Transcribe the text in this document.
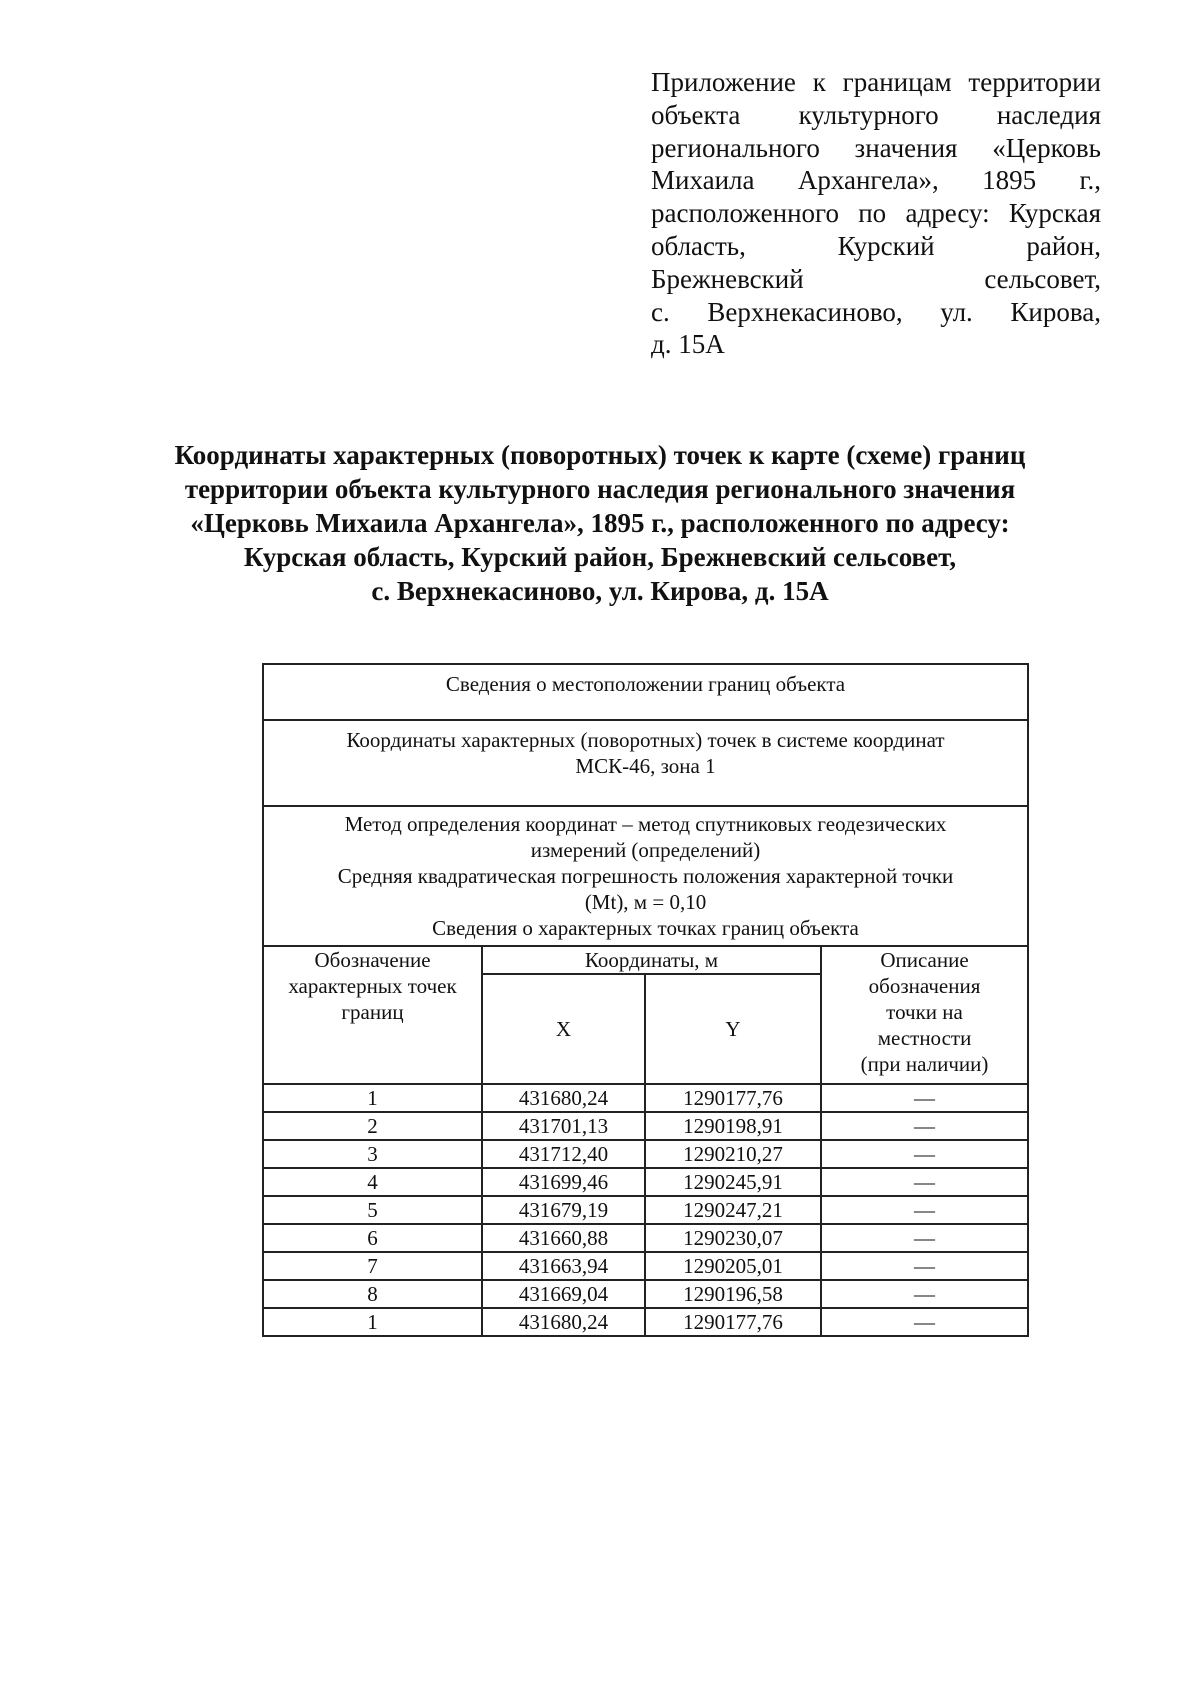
Приложение к границам территории
объекта культурного наследия
регионального значения «Церковь
Михаила Архангела», 1895 г.,
расположенного по адресу: Курская
область, Курский район,
Брежневский сельсовет,
с. Верхнекасиново, ул. Кирова,
д. 15А
Координаты характерных (поворотных) точек к карте (схеме) границ
территории объекта культурного наследия регионального значения
«Церковь Михаила Архангела», 1895 г., расположенного по адресу:
Курская область, Курский район, Брежневский сельсовет,
с. Верхнекасиново, ул. Кирова, д. 15А
Сведения о местоположении границ объекта			

Координаты характерных (поворотных) точек в системе координат
МСК-46, зона 1			

Метод определения координат – метод спутниковых геодезических
измерений (определений)
Средняя квадратическая погрешность положения характерной точки
(Mt), м = 0,10
Сведения о характерных точках границ объекта			

Обозначение
характерных точек
границ	Координаты, м		Описание
обозначения
точки на
местности
(при наличии)

	X	Y	

1	431680,24	1290177,76	—
2	431701,13	1290198,91	—
3	431712,40	1290210,27	—
4	431699,46	1290245,91	—
5	431679,19	1290247,21	—
6	431660,88	1290230,07	—
7	431663,94	1290205,01	—
8	431669,04	1290196,58	—
1	431680,24	1290177,76	—
